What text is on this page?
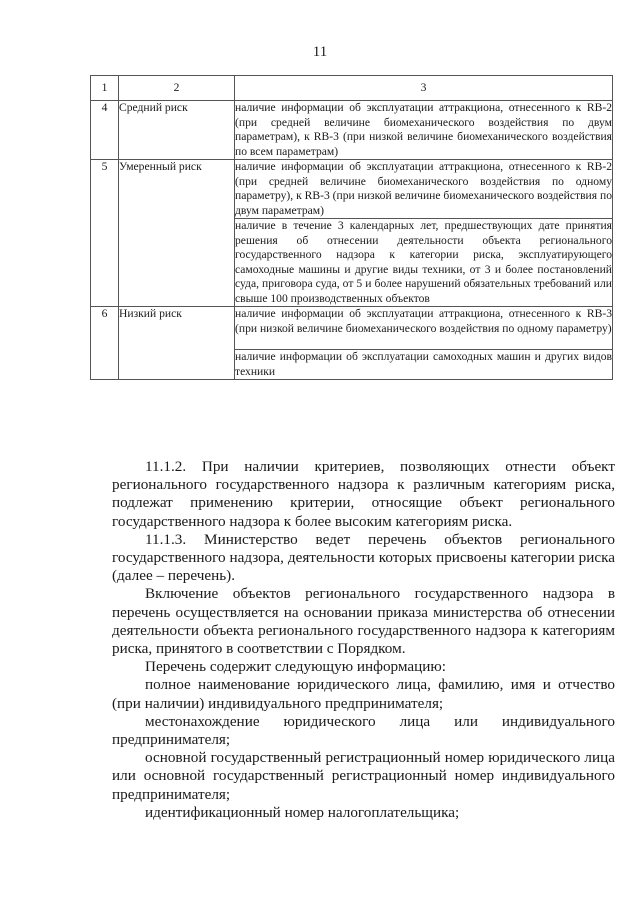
11
1	2	3
4	Средний риск	наличие информации об эксплуатации аттракциона, отнесенного к RB-2 (при средней величине биомеханического воздействия по двум параметрам), к RB-3 (при низкой величине биомеханического воздействия по всем параметрам)
5	Умеренный риск	наличие информации об эксплуатации аттракциона, отнесенного к RB-2 (при средней величине биомеханического воздействия по одному параметру), к RB-3 (при низкой величине биомеханического воздействия по двум параметрам)
		наличие в течение 3 календарных лет, предшествующих дате принятия решения об отнесении деятельности объекта регионального государственного надзора к категории риска, эксплуатирующего самоходные машины и другие виды техники, от 3 и более постановлений суда, приговора суда, от 5 и более нарушений обязательных требований или свыше 100 производственных объектов
6	Низкий риск	наличие информации об эксплуатации аттракциона, отнесенного к RB-3 (при низкой величине биомеханического воздействия по одному параметру)
		наличие информации об эксплуатации самоходных машин и других видов техники

11.1.2. При наличии критериев, позволяющих отнести объект регионального государственного надзора к различным категориям риска, подлежат применению критерии, относящие объект регионального государственного надзора к более высоким категориям риска.

11.1.3. Министерство ведет перечень объектов регионального государственного надзора, деятельности которых присвоены категории риска (далее – перечень).

Включение объектов регионального государственного надзора в перечень осуществляется на основании приказа министерства об отнесении деятельности объекта регионального государственного надзора к категориям риска, принятого в соответствии с Порядком.

Перечень содержит следующую информацию:

полное наименование юридического лица, фамилию, имя и отчество (при наличии) индивидуального предпринимателя;

местонахождение юридического лица или индивидуального предпринимателя;

основной государственный регистрационный номер юридического лица или основной государственный регистрационный номер индивидуального предпринимателя;

идентификационный номер налогоплательщика;
